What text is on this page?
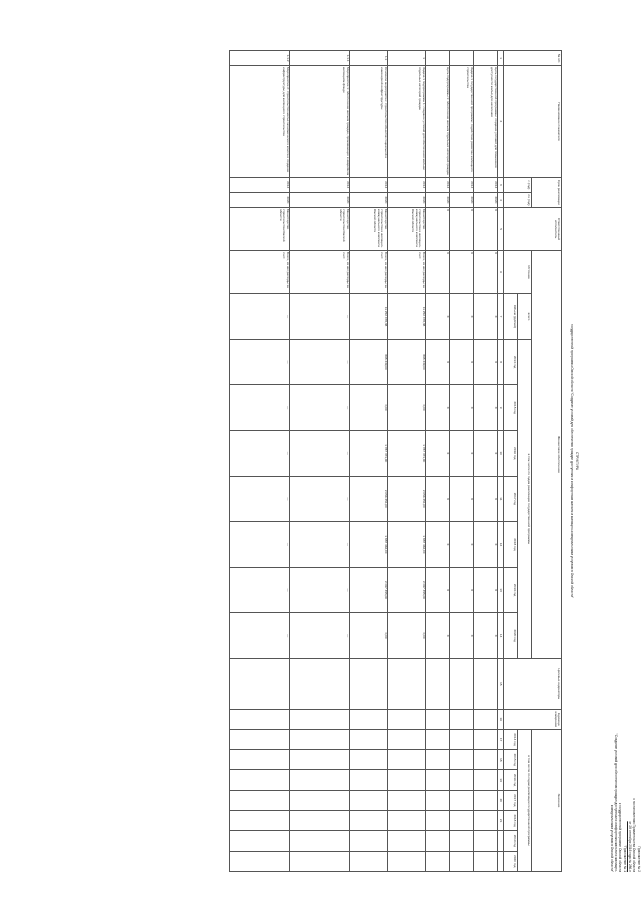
Приложение № 2
к постановлению Правительства Омской области
от 28 сентября 2016 года № 286-п
"Приложение № 1
к государственной программе Омской области
"Создание условий для обеспечения граждан доступным и комфортным жильем и жилищно-коммунальными услугами в Омской области"
СТРУКТУРА
государственной программы Омской области "Создание условий для обеспечения граждан доступным и комфортным жильем и жилищно-коммунальными услугами в Омской области"
№ п/п	Наименование показателя	Срок реализации		Ответственный исполнитель	Финансовое обеспечение									Целевые индикаторы	Единица измерения	Значение						
		с (год)	по (год)		Источник	всего	в том числе по годам реализации государственной программы									в том числе по годам реализации государственной программы						
						Объем (рублей)	2014 год	2015 год	2016 год	2017 год	2018 год	2019 год	2020 год			2014 год	2015 год	2016 год	2017 год	2018 год	2019 год	2020 год
1	2	3	4	5	6	7	8	9	10	11	12	13	14	15	16	17	18	19	20	21		
	Цель государственной программы: создание условий для повышения доступности жилья для населения	2014	2020	X	X	X	X	X	X	X	X	X	X									
	Задача 1 государственной программы: содействие развитию жилищного строительства	2014	2020	X	X	X	X	X	X	X	X	X	X									
	Цель подпрограммы 1: обеспечение жильем отдельных категорий граждан	2014	2020	X	X	X	X	X	X	X	X	X	X									
1	Задача 1 подпрограммы 1: создание условий для обеспечения жильем отдельных категорий граждан	2014	2020	Министерство строительства и жилищно-коммунального комплекса Омской области	Всего, из них расходы за счет:	11 252 478,38	898 449,00	0,00	1 787 471,00	2 056 451,00	1 887 462,00	2 097 455,00	0,00									
1.1	Основное мероприятие: строительство объектов социальной и инженерной инфраструктуры	2014	2020	Министерство строительства и жилищно-коммунального комплекса Омской области	Всего, из них расходы за счет:	11 252 478,38	898 449,00	0,00	1 787 471,00	2 056 451,00	1 887 462,00	2 097 455,00	0,00									
1.1.1	Мероприятие 1: обеспечение жильем граждан, проживающих в аварийном жилищном фонде	2014	2020	Министерство строительства Омской области	Всего, из них расходы за счет:	—	—	—	—	—	—	—	—									
1.1.2	Мероприятие 2: строительство жилья экономического класса и создание инфраструктуры для жилищного строительства	2014	2020	Министерство строительства Омской области	Всего, из них расходы за счет:	—	—	—	—	—	—	—	—									
